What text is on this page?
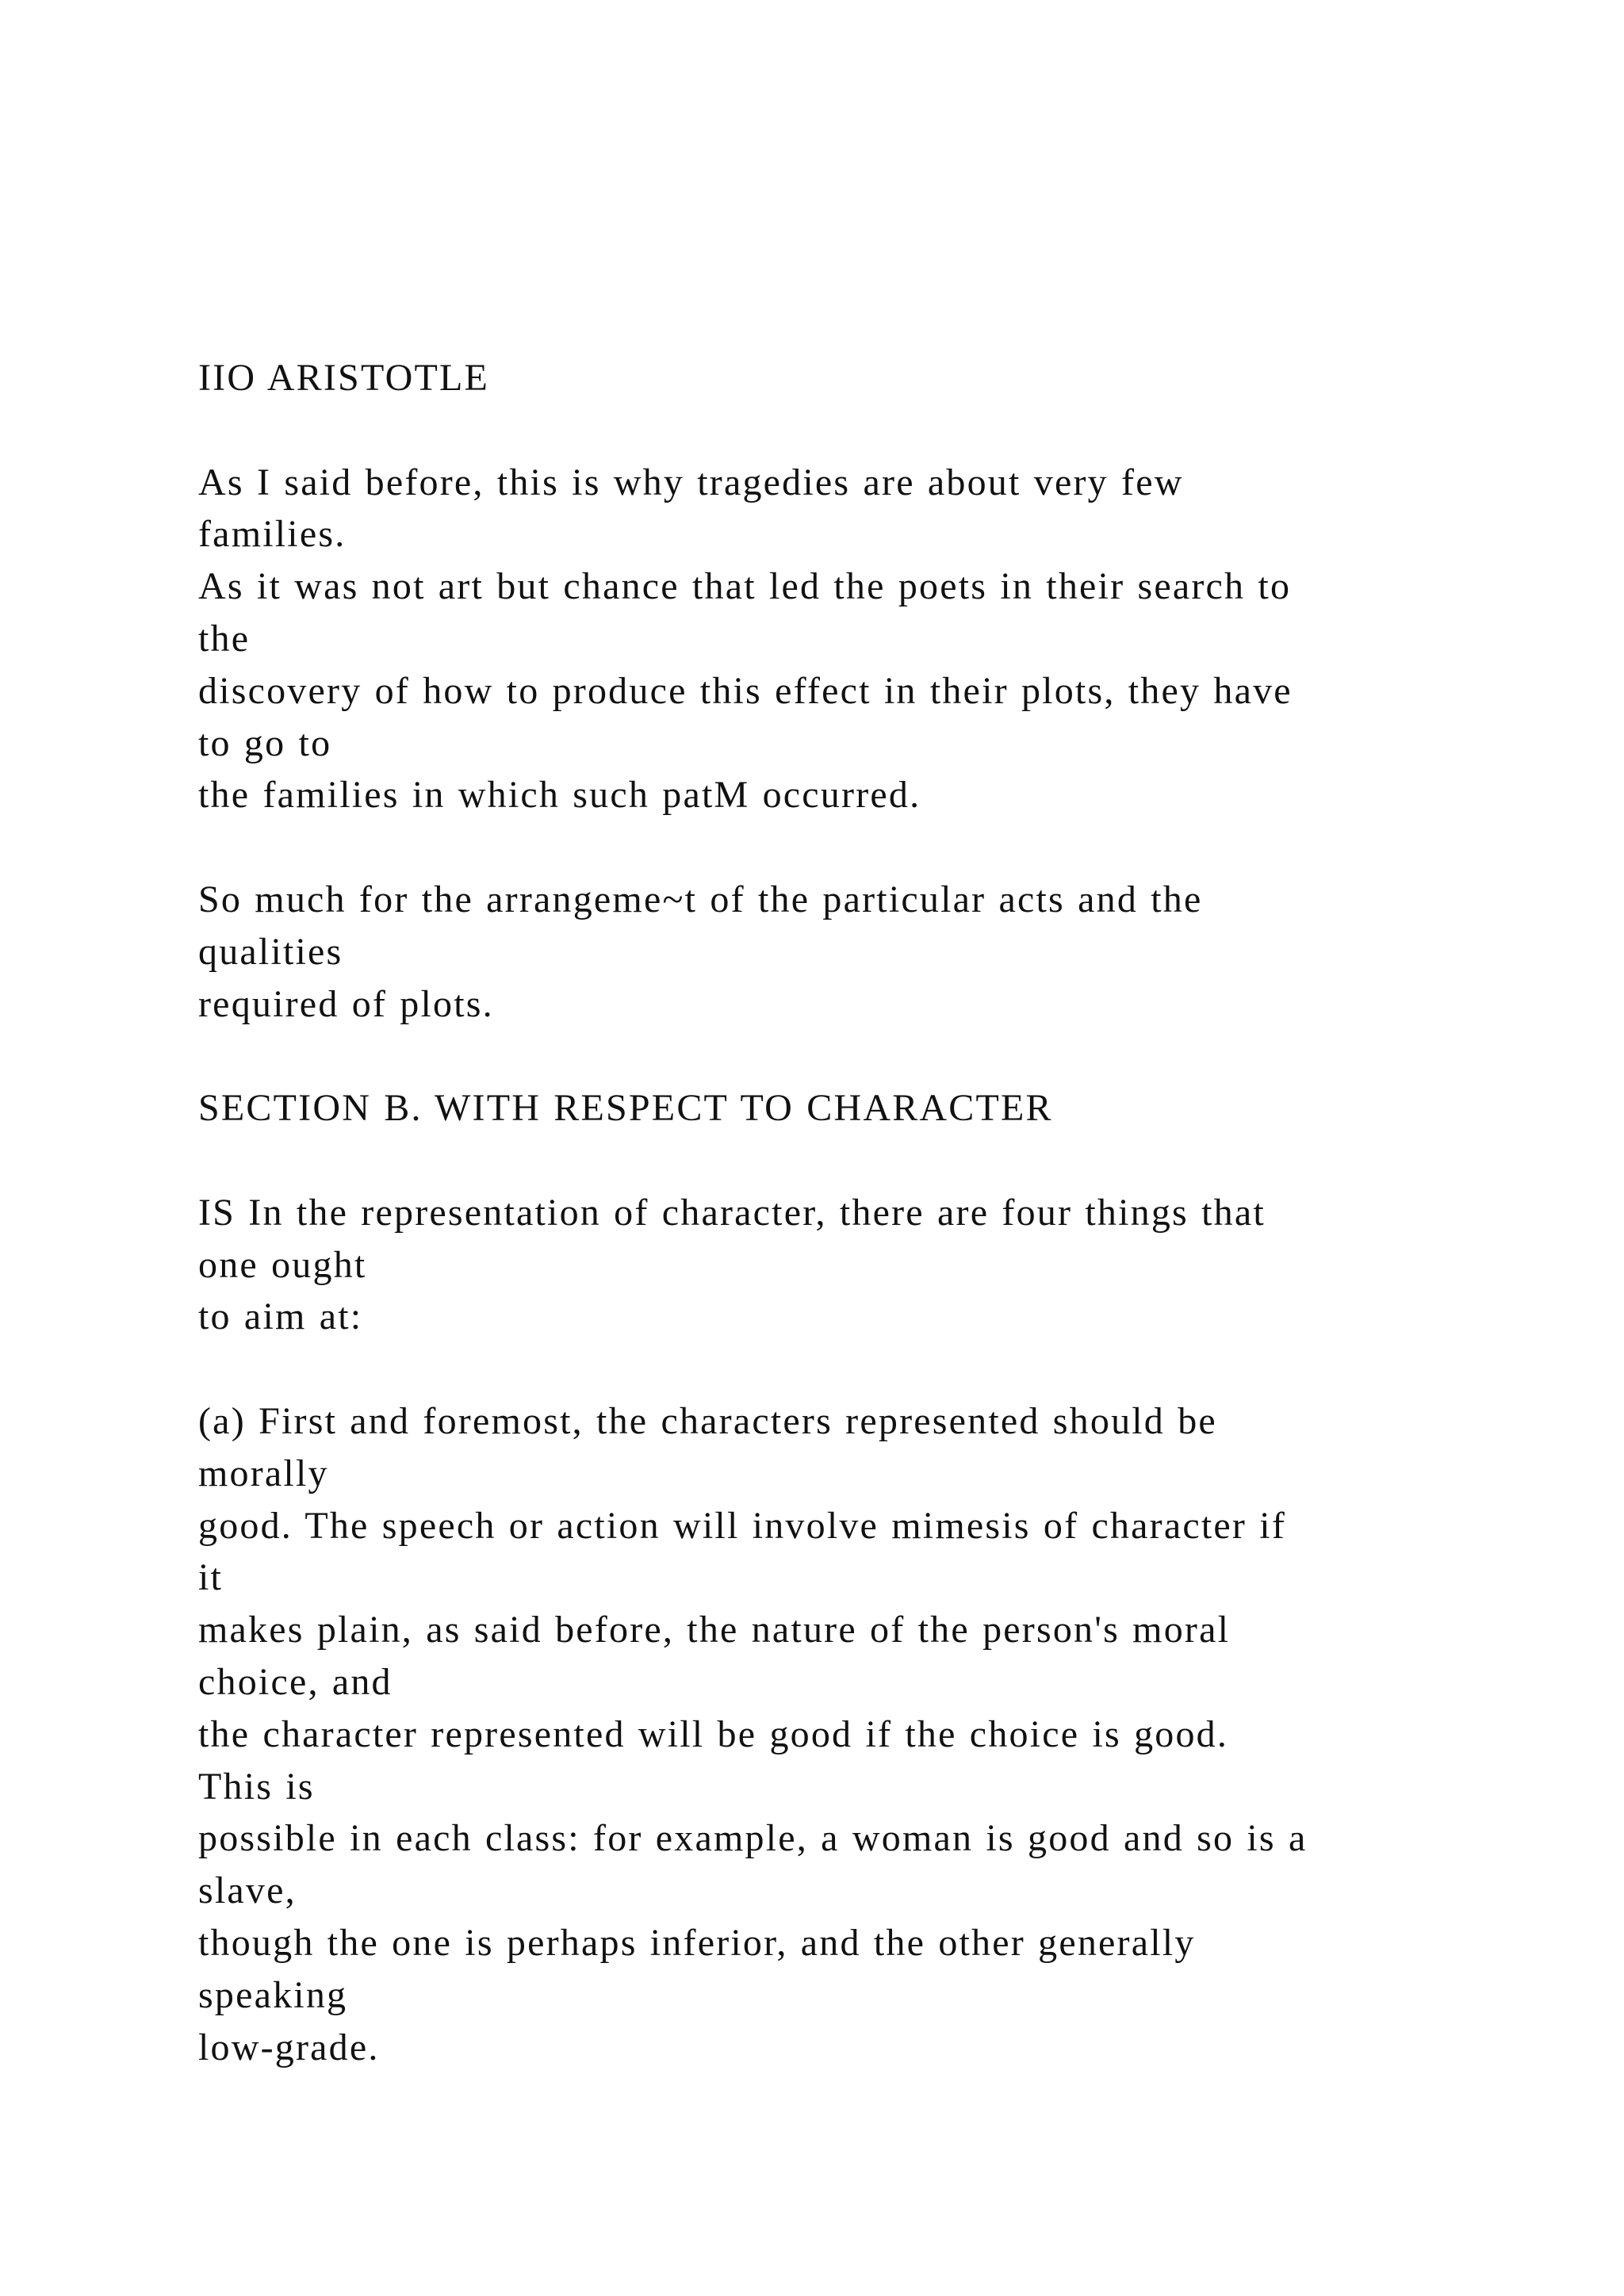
IIO ARISTOTLE
As I said before, this is why tragedies are about very few
families.
As it was not art but chance that led the poets in their search to
the
discovery of how to produce this effect in their plots, they have
to go to
the families in which such patM occurred.
So much for the arrangeme~t of the particular acts and the
qualities
required of plots.
SECTION B. WITH RESPECT TO CHARACTER
IS In the representation of character, there are four things that
one ought
to aim at:
(a) First and foremost, the characters represented should be
morally
good. The speech or action will involve mimesis of character if
it
makes plain, as said before, the nature of the person's moral
choice, and
the character represented will be good if the choice is good.
This is
possible in each class: for example, a woman is good and so is a
slave,
though the one is perhaps inferior, and the other generally
speaking
low-grade.
